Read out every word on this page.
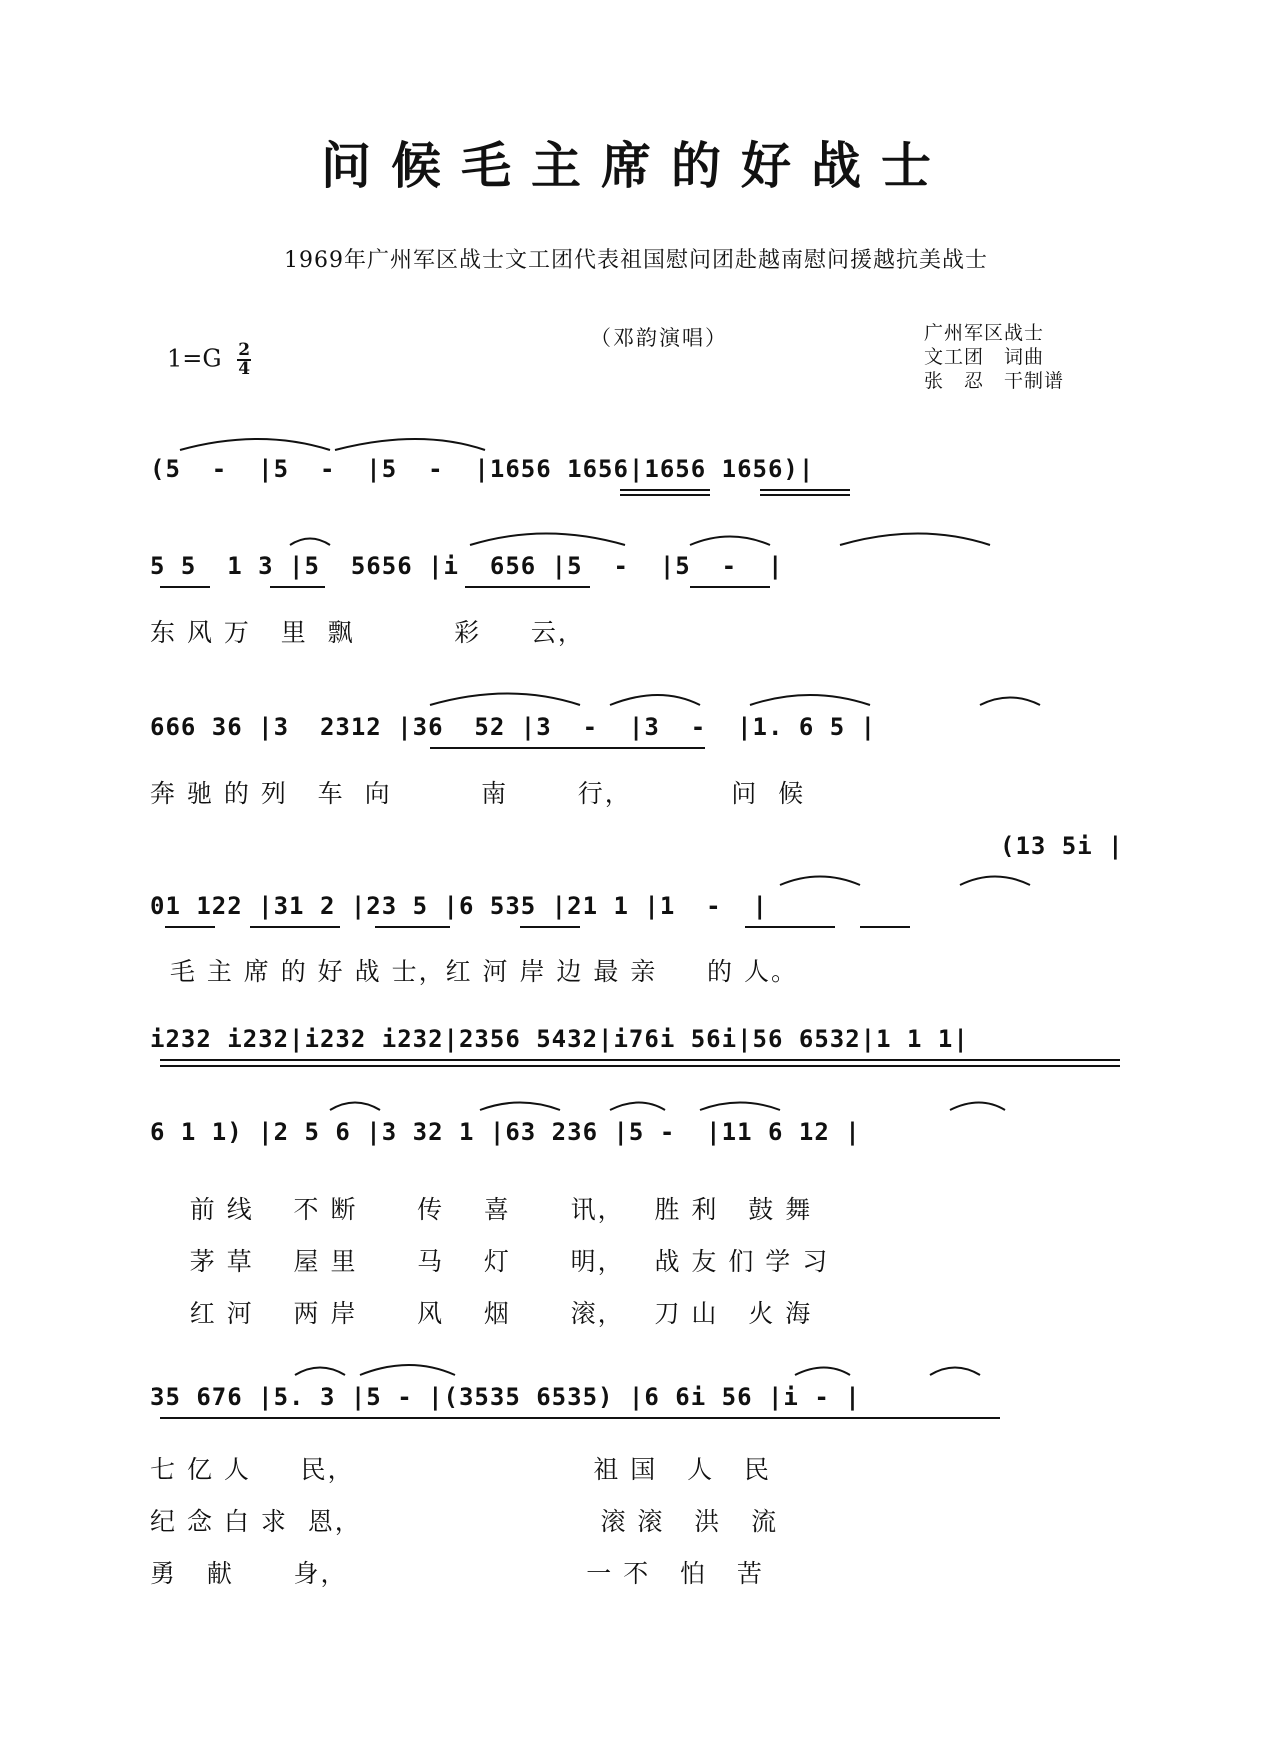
问候毛主席的好战士
1969年广州军区战士文工团代表祖国慰问团赴越南慰问援越抗美战士
$1=G \frac{2}{4}$
（邓韵演唱）	广州军区战士
文工团　词曲
张　忍　干制谱
(5  -  |5  -  |5  -  |1656 1656|1656 1656)|
5 5  1 3 |5  5656 |i  656 |5  -  |5  -  |
东 风 万   里  飘          彩     云，
666 36 |3  2312 |36  52 |3  -  |3  -  |1. 6 5 |
奔 驰 的 列   车  向         南       行，          问  候
(13 5i |
01 122 |31 2 |23 5 |6 535 |21 1 |1  -  |
毛 主 席 的 好 战 士，红 河 岸 边 最 亲     的 人。
i232 i232|i232 i232|2356 5432|i76i 56i|56 6532|1 1 1|
6 1 1) |2 5 6 |3 32 1 |63 236 |5 -  |11 6 12 |
前 线    不 断      传    喜      讯，   胜 利   鼓 舞
茅 草    屋 里      马    灯      明，   战 友 们 学 习
红 河    两 岸      风    烟      滚，   刀 山   火 海
35 676 |5. 3 |5 - |(3535 6535) |6 6i 56 |i - |
七 亿 人     民，                        祖 国   人   民
纪 念 白 求  恩，                        滚 滚   洪   流
勇   献      身，                        一 不   怕   苦
